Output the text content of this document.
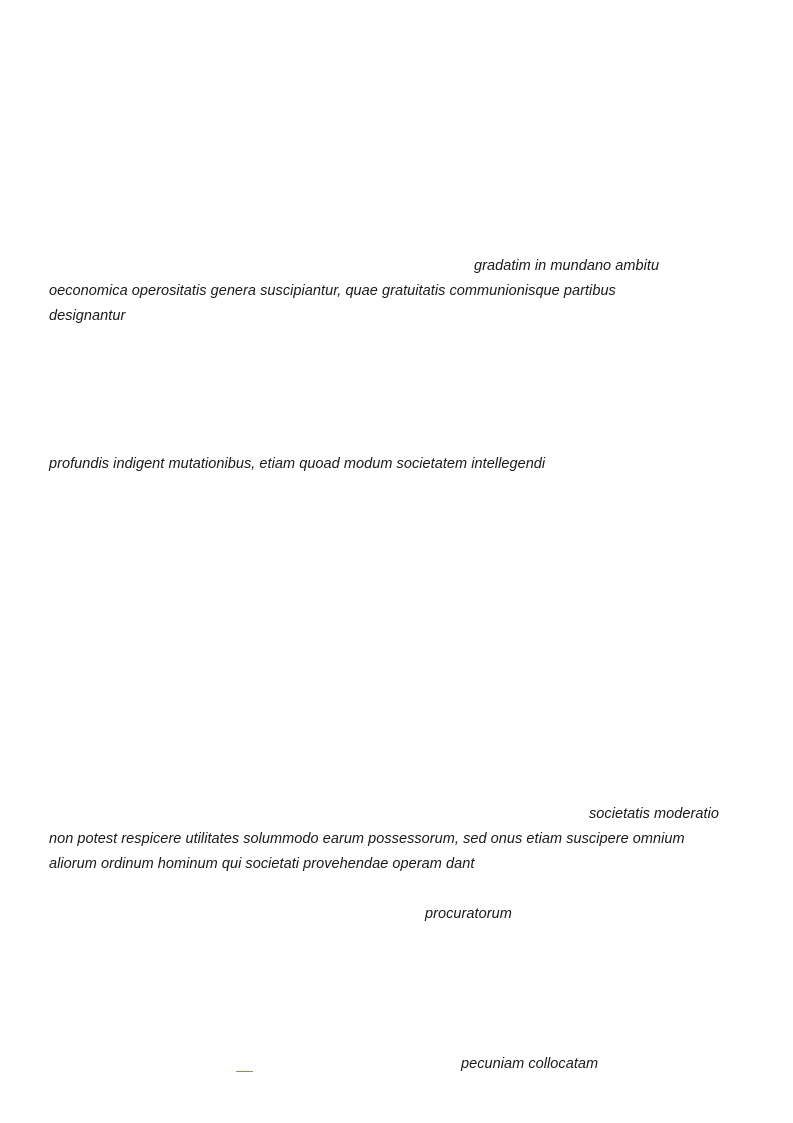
gradatim in mundano ambitu
oeconomica operositatis genera suscipiantur, quae gratuitatis communionisque partibus
designantur
profundis indigent mutationibus, etiam quoad modum societatem intellegendi
societatis moderatio
non potest respicere utilitates solummodo earum possessorum, sed onus etiam suscipere omnium
aliorum ordinum hominum qui societati provehendae operam dant
procuratorum
pecuniam collocatam
